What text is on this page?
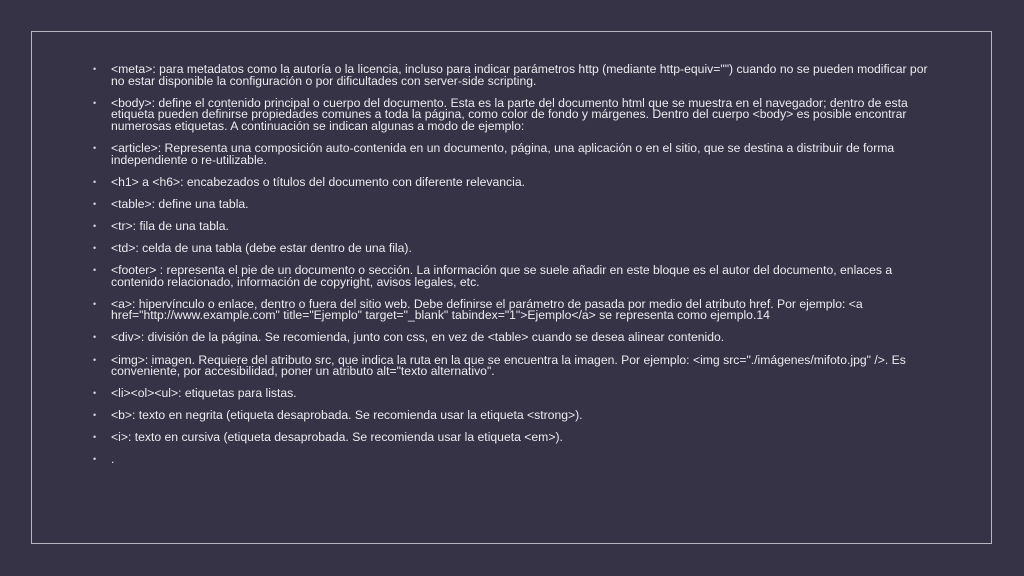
• <meta>: para metadatos como la autoría o la licencia, incluso para indicar parámetros http (mediante http-equiv="") cuando no se pueden modificar por no estar disponible la configuración o por dificultades con server-side scripting.
• <body>: define el contenido principal o cuerpo del documento. Esta es la parte del documento html que se muestra en el navegador; dentro de esta etiqueta pueden definirse propiedades comunes a toda la página, como color de fondo y márgenes. Dentro del cuerpo <body> es posible encontrar numerosas etiquetas. A continuación se indican algunas a modo de ejemplo:
• <article>: Representa una composición auto-contenida en un documento, página, una aplicación o en el sitio, que se destina a distribuir de forma independiente o re-utilizable.
• <h1> a <h6>: encabezados o títulos del documento con diferente relevancia.
• <table>: define una tabla.
• <tr>: fila de una tabla.
• <td>: celda de una tabla (debe estar dentro de una fila).
• <footer> : representa el pie de un documento o sección. La información que se suele añadir en este bloque es el autor del documento, enlaces a contenido relacionado, información de copyright, avisos legales, etc.
• <a>: hipervínculo o enlace, dentro o fuera del sitio web. Debe definirse el parámetro de pasada por medio del atributo href. Por ejemplo: <a href="http://www.example.com" title="Ejemplo" target="_blank" tabindex="1">Ejemplo</a> se representa como ejemplo.14
• <div>: división de la página. Se recomienda, junto con css, en vez de <table> cuando se desea alinear contenido.
• <img>: imagen. Requiere del atributo src, que indica la ruta en la que se encuentra la imagen. Por ejemplo: <img src="./imágenes/mifoto.jpg" />. Es conveniente, por accesibilidad, poner un atributo alt="texto alternativo".
• <li><ol><ul>: etiquetas para listas.
• <b>: texto en negrita (etiqueta desaprobada. Se recomienda usar la etiqueta <strong>).
• <i>: texto en cursiva (etiqueta desaprobada. Se recomienda usar la etiqueta <em>).
• .
